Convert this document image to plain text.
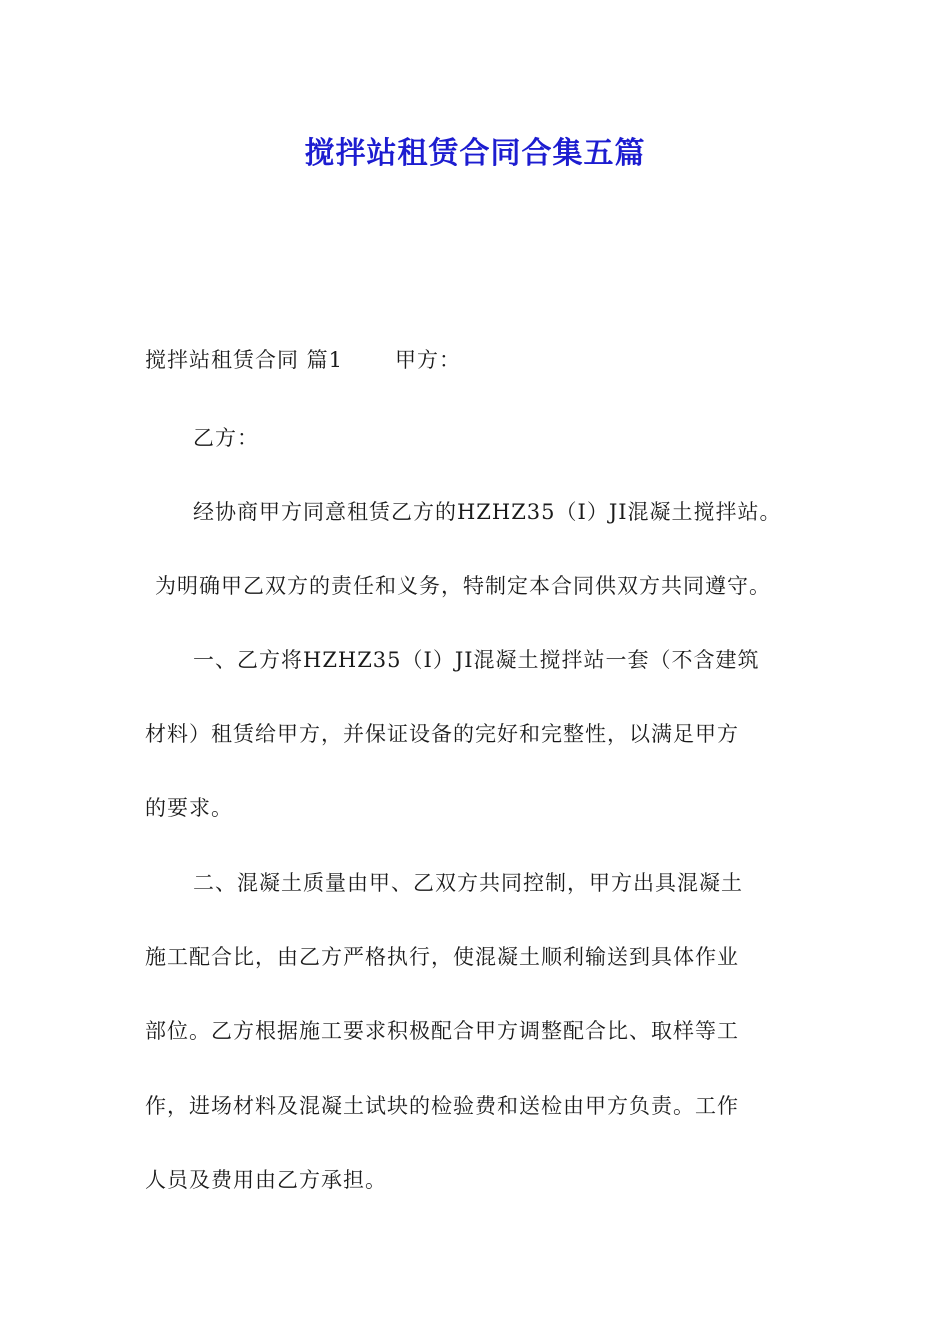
搅拌站租赁合同合集五篇
搅拌站租赁合同 篇1 甲方：
乙方：
经协商甲方同意租赁乙方的HZHZ35（I）JI混凝土搅拌站。
为明确甲乙双方的责任和义务，特制定本合同供双方共同遵守。
一、乙方将HZHZ35（I）JI混凝土搅拌站一套（不含建筑
材料）租赁给甲方，并保证设备的完好和完整性，以满足甲方
的要求。
二、混凝土质量由甲、乙双方共同控制，甲方出具混凝土
施工配合比，由乙方严格执行，使混凝土顺利输送到具体作业
部位。乙方根据施工要求积极配合甲方调整配合比、取样等工
作，进场材料及混凝土试块的检验费和送检由甲方负责。工作
人员及费用由乙方承担。
